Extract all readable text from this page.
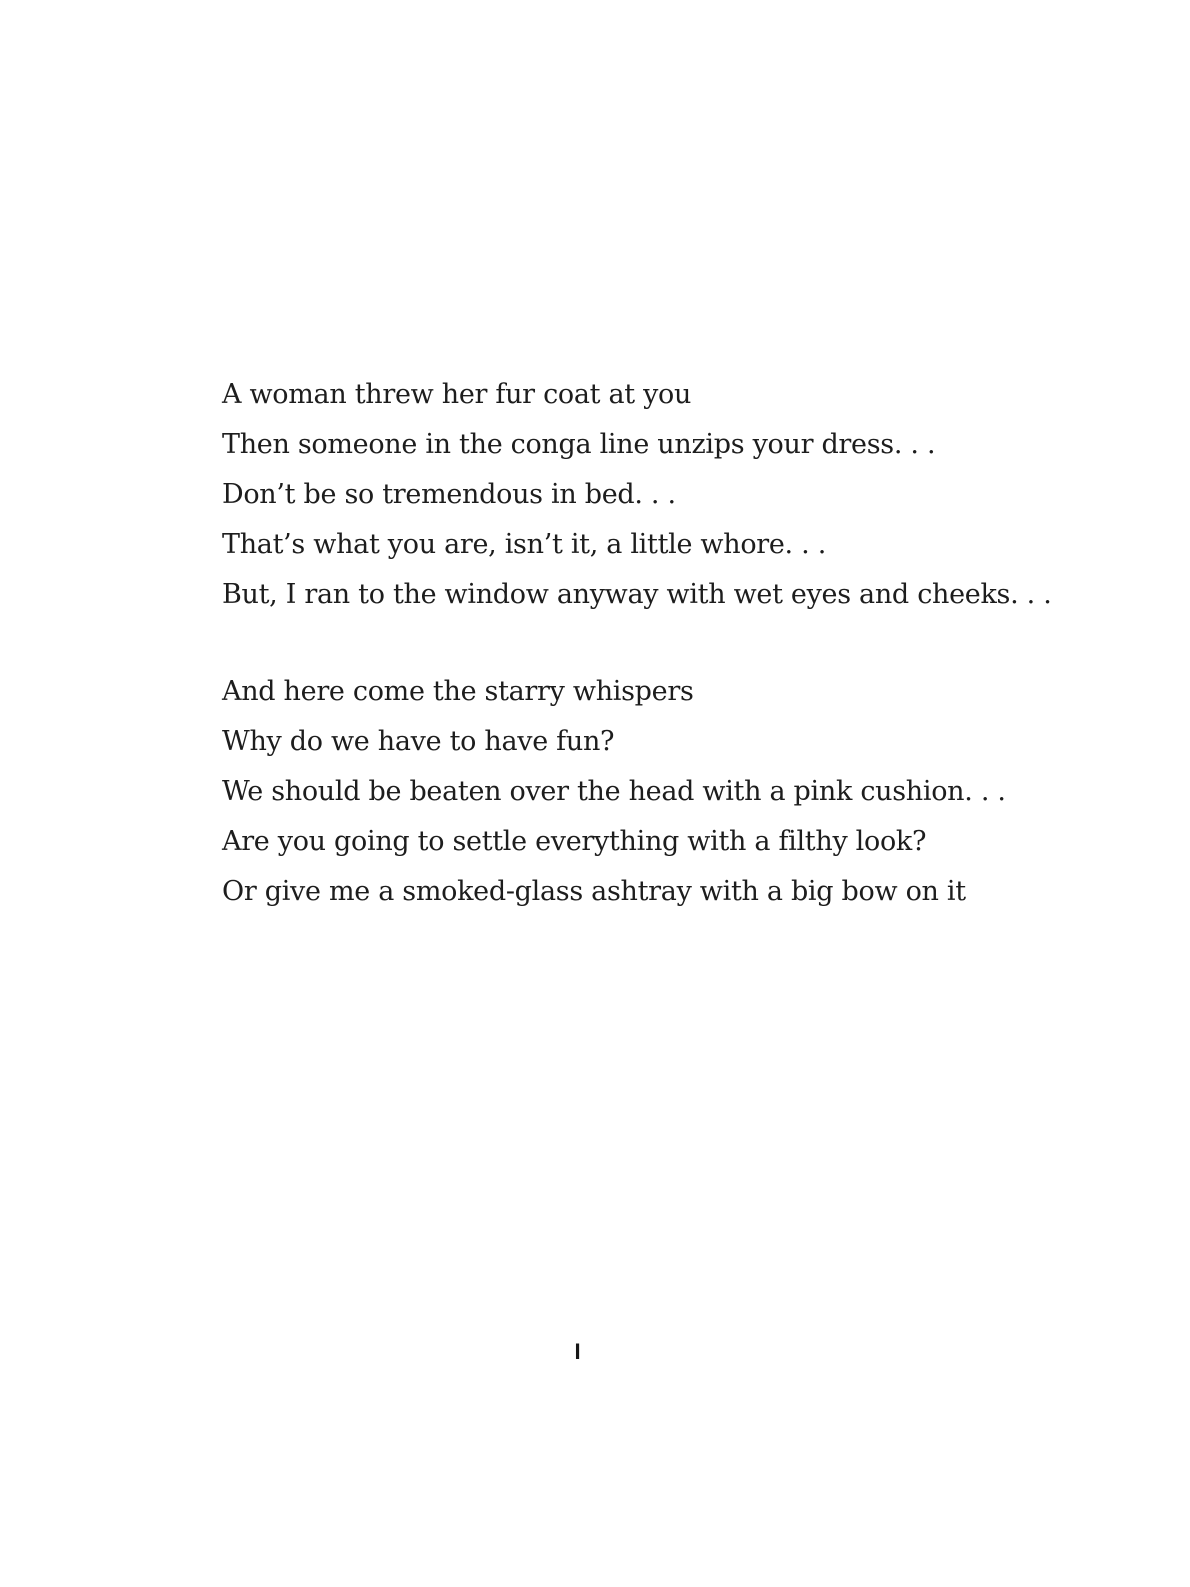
A woman threw her fur coat at you

Then someone in the conga line unzips your dress. . .

Don’t be so tremendous in bed. . .

That’s what you are, isn’t it, a little whore. . .

But, I ran to the window anyway with wet eyes and cheeks. . .

And here come the starry whispers

Why do we have to have fun?

We should be beaten over the head with a pink cushion. . .

Are you going to settle everything with a filthy look?

Or give me a smoked-glass ashtray with a big bow on it

I
